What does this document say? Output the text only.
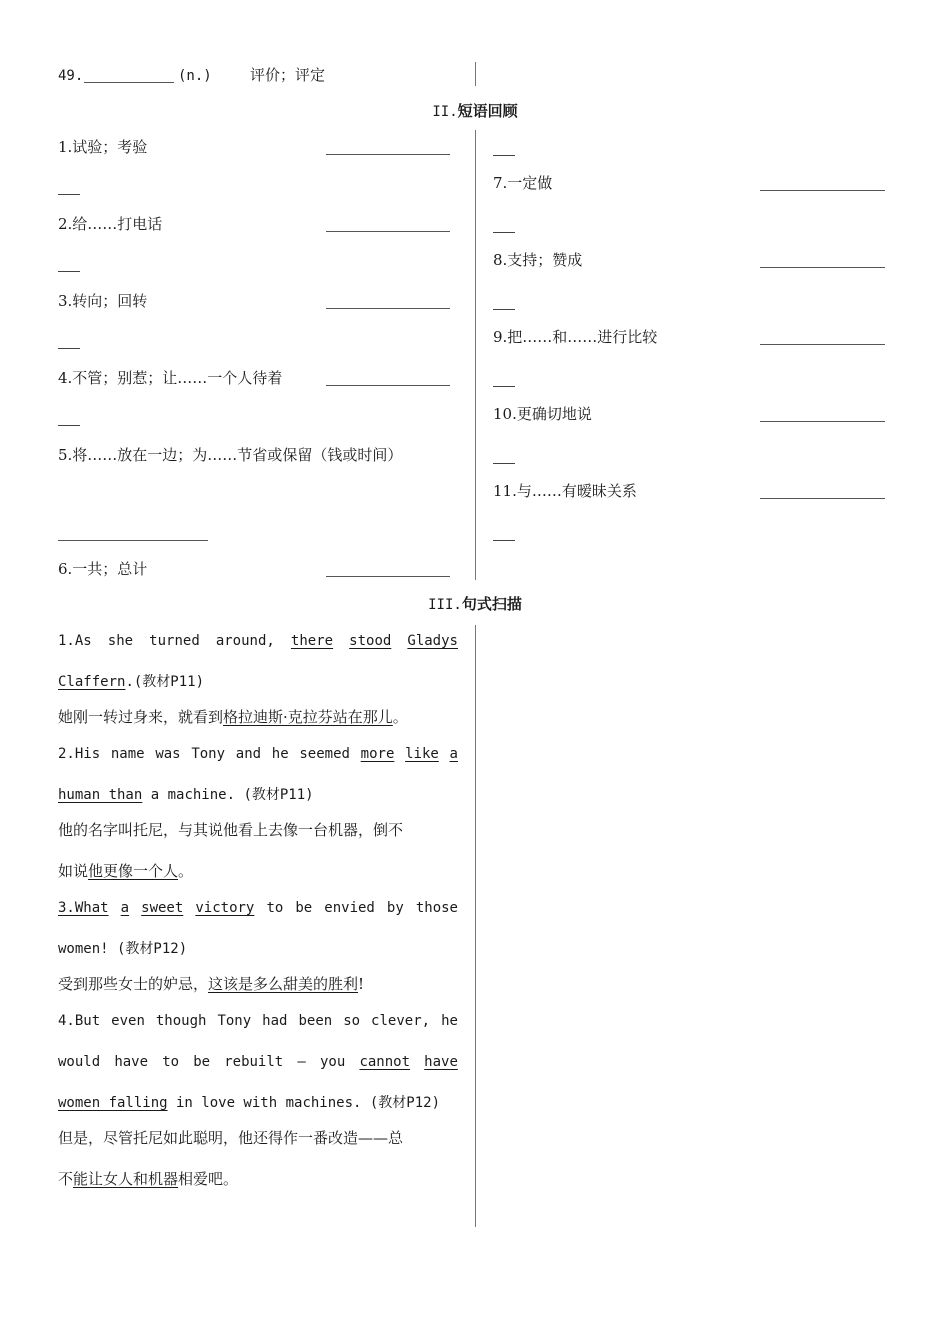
49.	(n.)	评价；评定
II.短语回顾
1.试验；考验
2.给……打电话
3.转向；回转
4.不管；别惹；让……一个人待着
5.将……放在一边；为……节省或保留（钱或时间）
6.一共；总计
7.一定做
8.支持；赞成
9.把……和……进行比较
10.更确切地说
11.与……有暧昧关系
III.句式扫描
1.As she turned around, there stood Gladys
Claffern.(教材P11)
她刚一转过身来，就看到格拉迪斯·克拉芬站在那儿。
2.His name was Tony and he seemed more like a
human than a machine. (教材P11)
他的名字叫托尼，与其说他看上去像一台机器，倒不
如说他更像一个人。
3.What a sweet victory to be envied by those
women! (教材P12)
受到那些女士的妒忌，这该是多么甜美的胜利!
4.But even though Tony had been so clever, he
would have to be rebuilt — you cannot have
women falling in love with machines. (教材P12)
但是，尽管托尼如此聪明，他还得作一番改造——总
不能让女人和机器相爱吧。
